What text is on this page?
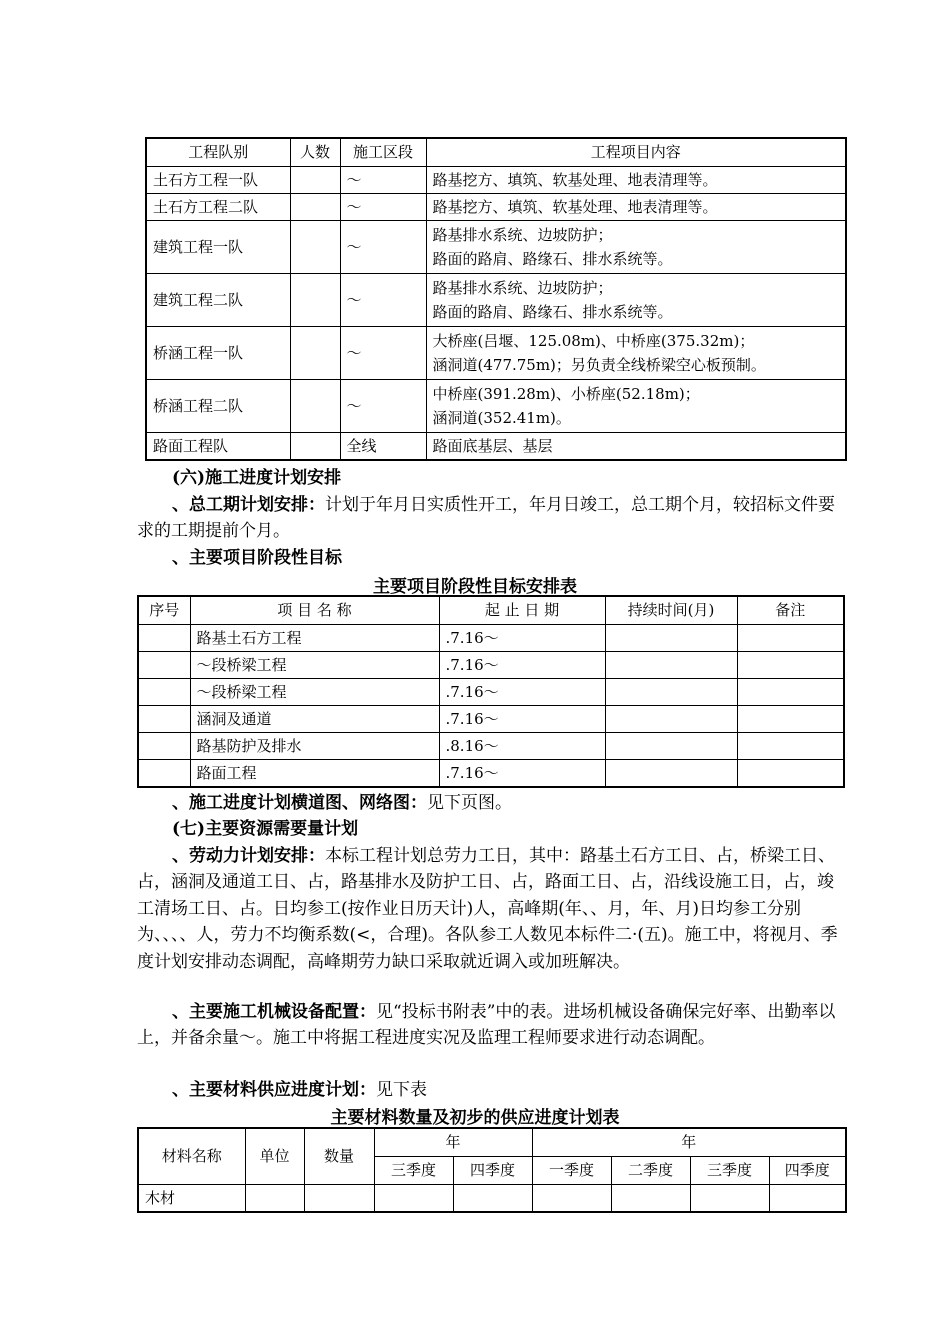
工程队别	人数	施工区段	工程项目内容
土石方工程一队		～	路基挖方、填筑、软基处理、地表清理等。
土石方工程二队		～	路基挖方、填筑、软基处理、地表清理等。
建筑工程一队		～	路基排水系统、边坡防护；
路面的路肩、路缘石、排水系统等。

建筑工程二队		～	路基排水系统、边坡防护；
路面的路肩、路缘石、排水系统等。

桥涵工程一队		～	大桥座(吕堰、125.08m)、中桥座(375.32m)；
涵洞道(477.75m)；另负责全线桥梁空心板预制。

桥涵工程二队		～	中桥座(391.28m)、小桥座(52.18m)；
涵洞道(352.41m)。

路面工程队		全线	路面底基层、基层
(六)施工进度计划安排
、总工期计划安排：计划于年月日实质性开工，年月日竣工，总工期个月，较招标文件要求的工期提前个月。
、主要项目阶段性目标
主要项目阶段性目标安排表
序号	项 目 名 称	起 止 日 期	持续时间(月)	备注
	路基土石方工程	.7.16～		
	～段桥梁工程	.7.16～		
	～段桥梁工程	.7.16～		
	涵洞及通道	.7.16～		
	路基防护及排水	.8.16～		
	路面工程	.7.16～		
、施工进度计划横道图、网络图：见下页图。
(七)主要资源需要量计划
、劳动力计划安排：本标工程计划总劳力工日，其中：路基土石方工日、占，桥梁工日、占，涵洞及通道工日、占，路基排水及防护工日、占，路面工日、占，沿线设施工日，占，竣工清场工日、占。日均参工(按作业日历天计)人，高峰期(年、、月，年、月)日均参工分别为、、、、人，劳力不均衡系数(<，合理)。各队参工人数见本标件二·(五)。施工中，将视月、季度计划安排动态调配，高峰期劳力缺口采取就近调入或加班解决。
、主要施工机械设备配置：见“投标书附表”中的表。进场机械设备确保完好率、出勤率以上，并备余量～。施工中将据工程进度实况及监理工程师要求进行动态调配。
、主要材料供应进度计划：见下表
主要材料数量及初步的供应进度计划表
材料名称	单位	数量	年		年			
			三季度	四季度	一季度	二季度	三季度	四季度
木材								
